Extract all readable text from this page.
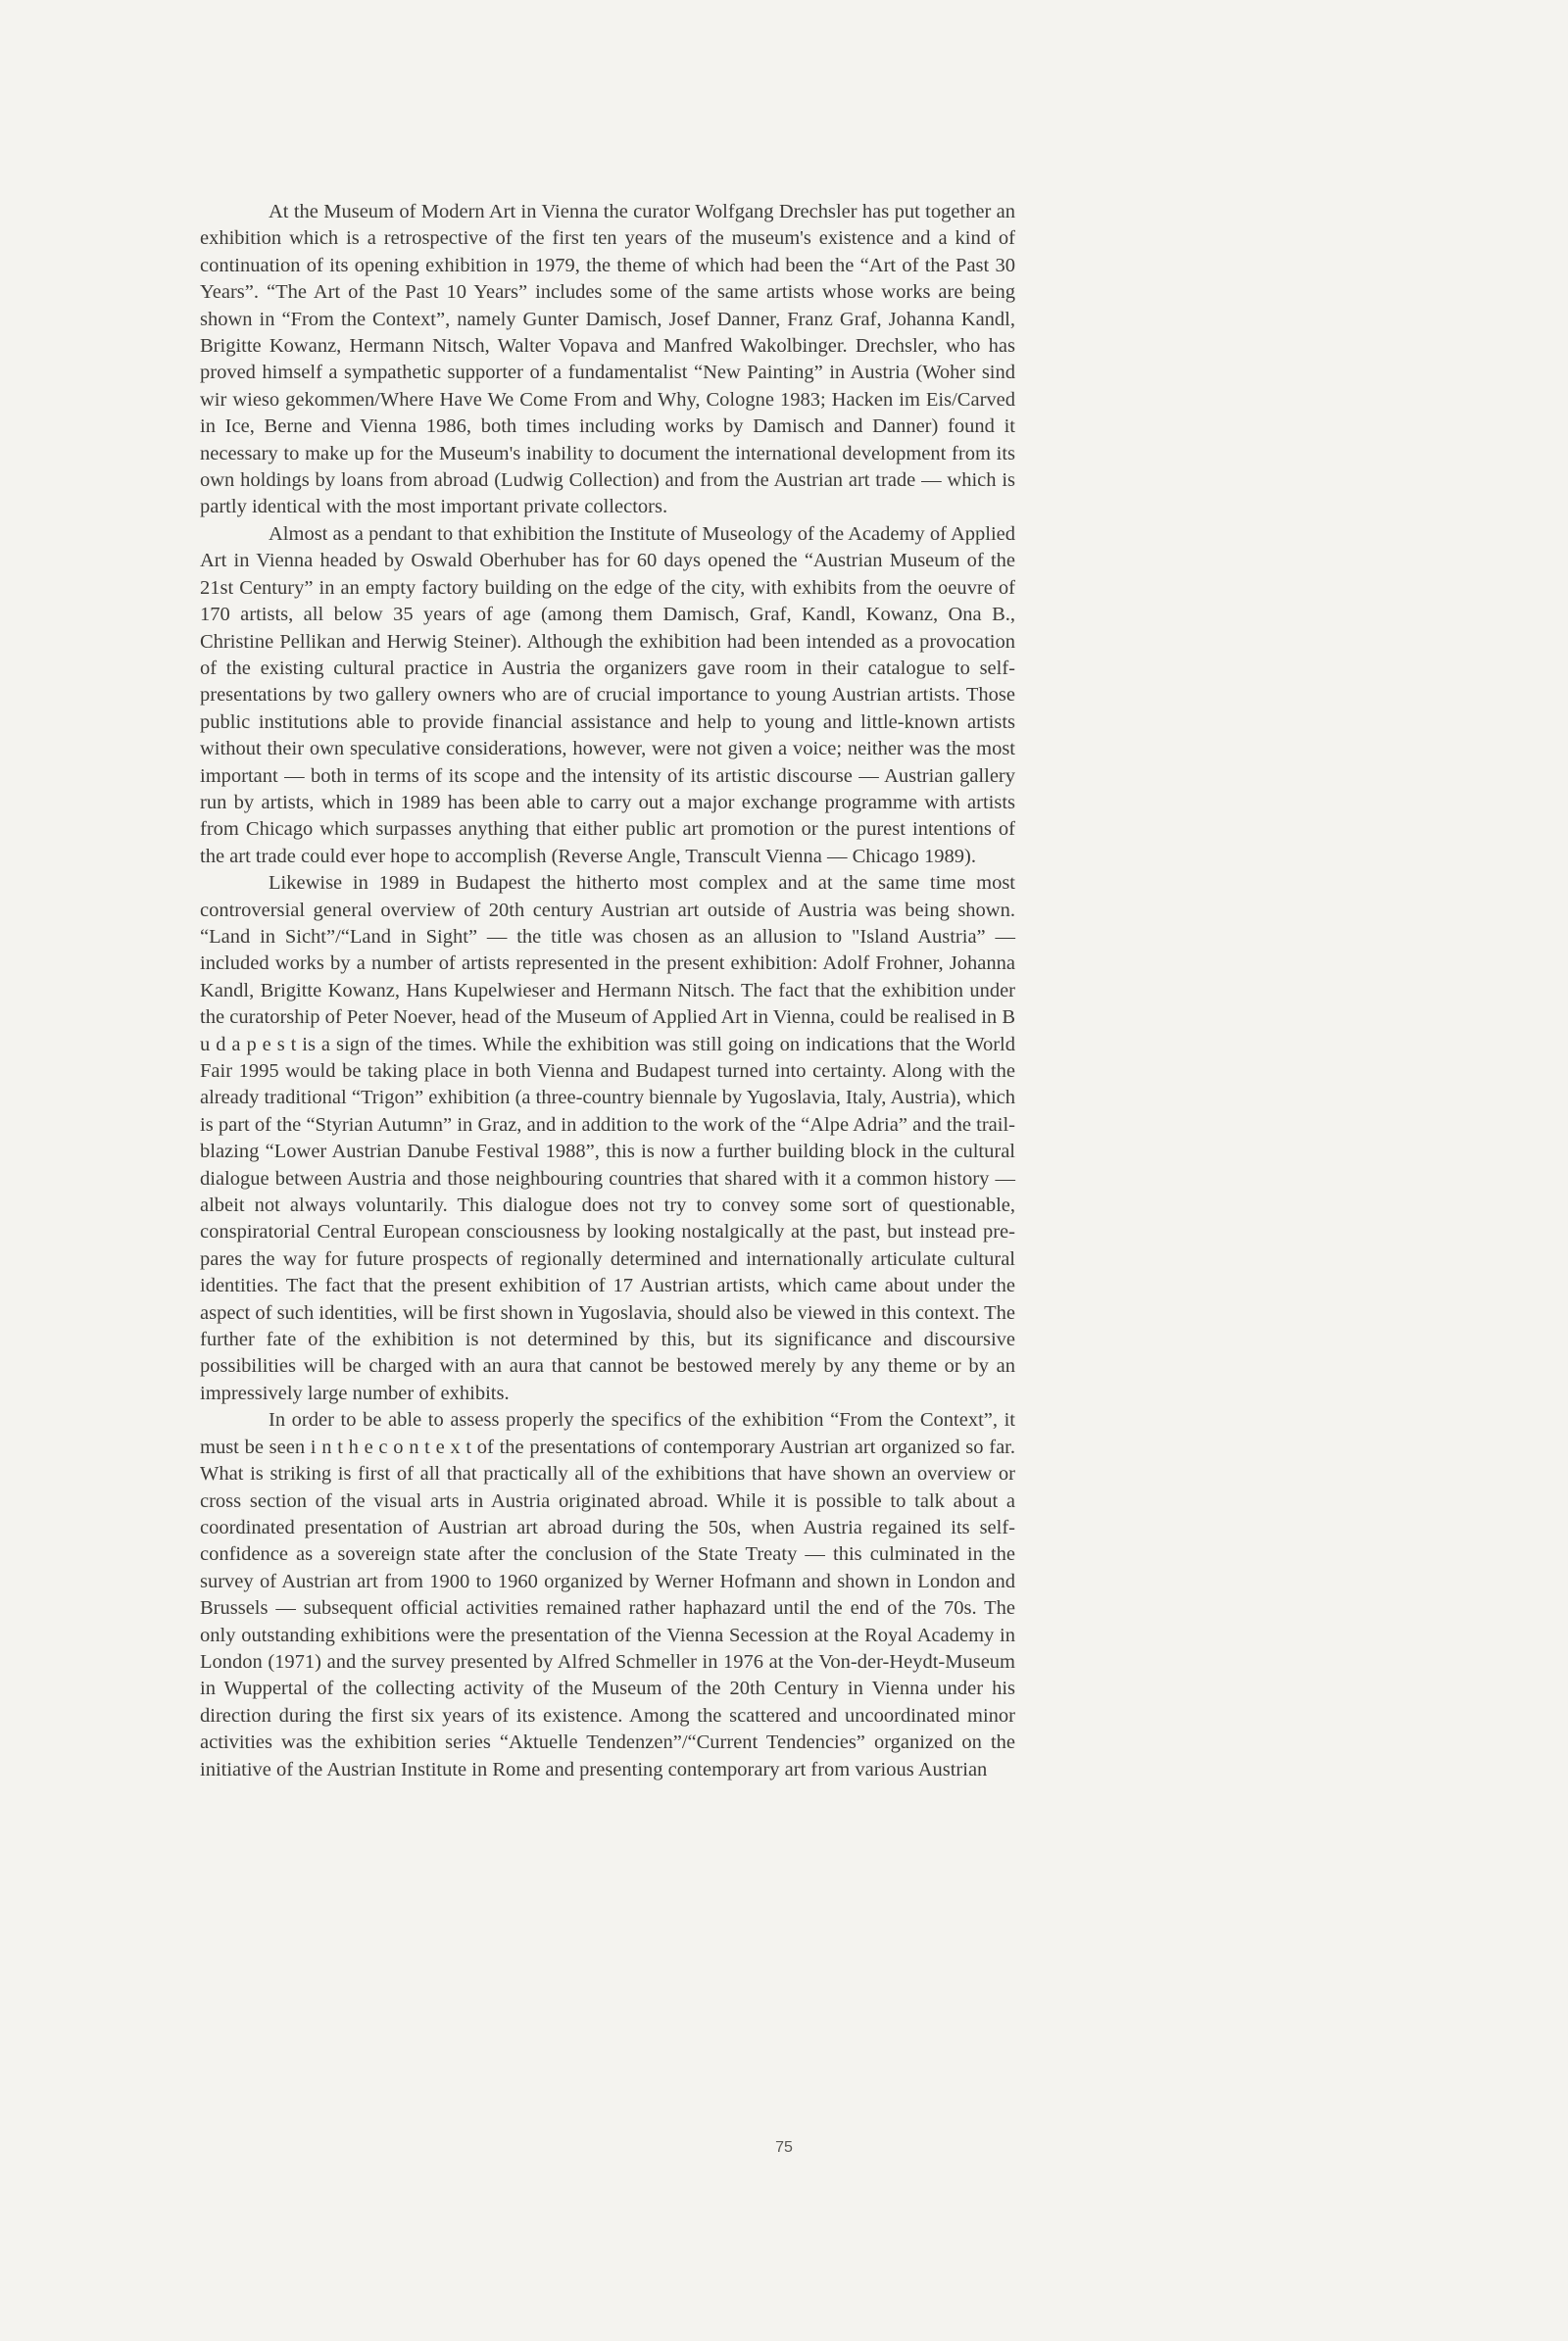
At the Museum of Modern Art in Vienna the curator Wolfgang Drechsler has put together an exhibition which is a retrospective of the first ten years of the museum's existence and a kind of continuation of its opening exhibition in 1979, the theme of which had been the “Art of the Past 30 Years”. “The Art of the Past 10 Years” includes some of the same artists whose works are being shown in “From the Context”, namely Gunter Damisch, Josef Danner, Franz Graf, Johanna Kandl, Brigitte Kowanz, Hermann Nitsch, Walter Vopava and Manfred Wakolbinger. Drechsler, who has proved himself a sympathetic supporter of a fundamentalist “New Painting” in Austria (Woher sind wir wieso gekommen/Where Have We Come From and Why, Cologne 1983; Hacken im Eis/Carved in Ice, Berne and Vienna 1986, both times including works by Damisch and Danner) found it necessary to make up for the Museum's inability to document the international development from its own holdings by loans from abroad (Ludwig Collection) and from the Austrian art trade — which is partly identical with the most important private collectors.

Almost as a pendant to that exhibition the Institute of Museology of the Academy of Applied Art in Vienna headed by Oswald Oberhuber has for 60 days opened the “Austrian Museum of the 21st Century” in an empty factory building on the edge of the city, with exhibits from the oeuvre of 170 artists, all below 35 years of age (among them Damisch, Graf, Kandl, Kowanz, Ona B., Christine Pellikan and Herwig Steiner). Although the exhibition had been intended as a provocation of the existing cultural practice in Austria the organizers gave room in their catalogue to self-presentations by two gallery owners who are of crucial importance to young Austrian artists. Those public institutions able to provide financial assistance and help to young and little-known artists without their own speculative considerations, however, were not given a voice; neither was the most important — both in terms of its scope and the intensity of its artistic discourse — Austrian gallery run by artists, which in 1989 has been able to carry out a major exchange programme with artists from Chicago which surpasses anything that either public art promotion or the purest intentions of the art trade could ever hope to accomplish (Reverse Angle, Transcult Vienna — Chicago 1989).

Likewise in 1989 in Budapest the hitherto most complex and at the same time most controversial general overview of 20th century Austrian art outside of Austria was being shown. “Land in Sicht”/“Land in Sight” — the title was chosen as an allusion to "Island Austria” — included works by a number of artists represented in the present exhibition: Adolf Frohner, Johanna Kandl, Brigitte Kowanz, Hans Kupelwieser and Hermann Nitsch. The fact that the exhibition under the curatorship of Peter Noever, head of the Museum of Applied Art in Vienna, could be realised in B u d a p e s t is a sign of the times. While the exhibition was still going on indications that the World Fair 1995 would be taking place in both Vienna and Budapest turned into certainty. Along with the already traditional “Trigon” exhibition (a three-country biennale by Yugoslavia, Italy, Austria), which is part of the “Styrian Autumn” in Graz, and in addition to the work of the “Alpe Adria” and the trail-blazing “Lower Austrian Danube Festival 1988”, this is now a further building block in the cultural dialogue between Austria and those neighbouring countries that shared with it a common history — albeit not always voluntarily. This dialogue does not try to convey some sort of questionable, conspiratorial Central European consciousness by looking nostalgically at the past, but instead prepares the way for future prospects of regionally determined and internationally articulate cultural identities. The fact that the present exhibition of 17 Austrian artists, which came about under the aspect of such identities, will be first shown in Yugoslavia, should also be viewed in this context. The further fate of the exhibition is not determined by this, but its significance and discoursive possibilities will be charged with an aura that cannot be bestowed merely by any theme or by an impressively large number of exhibits.

In order to be able to assess properly the specifics of the exhibition “From the Context”, it must be seen i n t h e c o n t e x t of the presentations of contemporary Austrian art organized so far. What is striking is first of all that practically all of the exhibitions that have shown an overview or cross section of the visual arts in Austria originated abroad. While it is possible to talk about a coordinated presentation of Austrian art abroad during the 50s, when Austria regained its self-confidence as a sovereign state after the conclusion of the State Treaty — this culminated in the survey of Austrian art from 1900 to 1960 organized by Werner Hofmann and shown in London and Brussels — subsequent official activities remained rather haphazard until the end of the 70s. The only outstanding exhibitions were the presentation of the Vienna Secession at the Royal Academy in London (1971) and the survey presented by Alfred Schmeller in 1976 at the Von-der-Heydt-Museum in Wuppertal of the collecting activity of the Museum of the 20th Century in Vienna under his direction during the first six years of its existence. Among the scattered and uncoordinated minor activities was the exhibition series “Aktuelle Tendenzen”/“Current Tendencies” organized on the initiative of the Austrian Institute in Rome and presenting contemporary art from various Austrian

75
